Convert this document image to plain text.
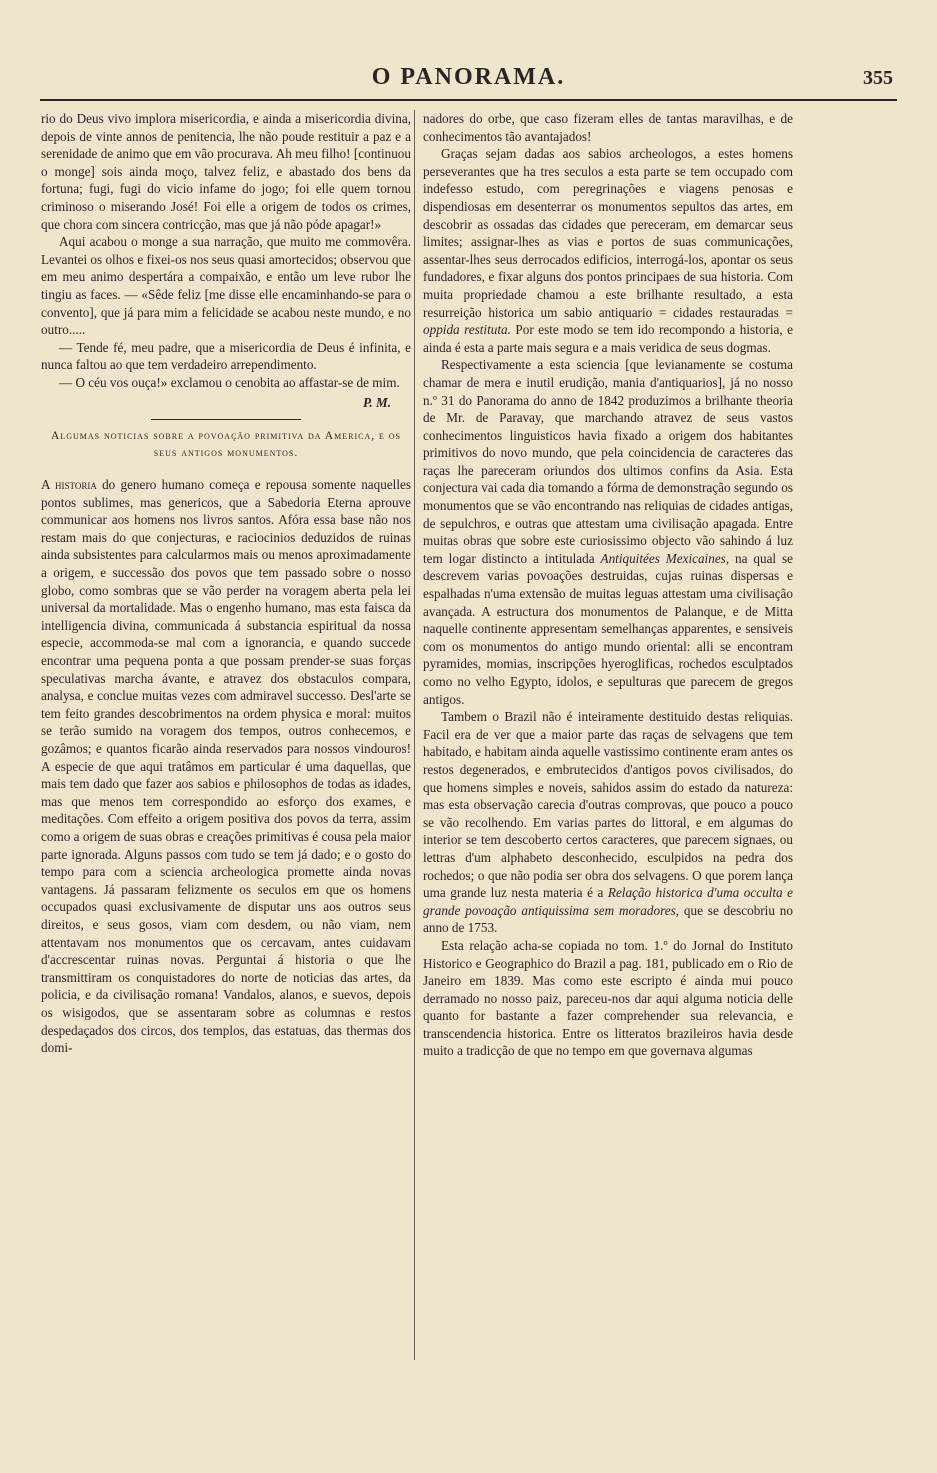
O PANORAMA.	355

rio do Deus vivo implora misericordia, e ainda a misericordia divina, depois de vinte annos de penitencia, lhe não poude restituir a paz e a serenidade de animo que em vão procurava. Ah meu filho! [continuou o monge] sois ainda moço, talvez feliz, e abastado dos bens da fortuna; fugi, fugi do vicio infame do jogo; foi elle quem tornou criminoso o miserando José! Foi elle a origem de todos os crimes, que chora com sincera contricção, mas que já não póde apagar!»

Aqui acabou o monge a sua narração, que muito me commovêra. Levantei os olhos e fixei-os nos seus quasi amortecidos; observou que em meu animo despertára a compaixão, e então um leve rubor lhe tingiu as faces. — «Sêde feliz [me disse elle encaminhando-se para o convento], que já para mim a felicidade se acabou neste mundo, e no outro.....

— Tende fé, meu padre, que a misericordia de Deus é infinita, e nunca faltou ao que tem verdadeiro arrependimento.

— O céu vos ouça!» exclamou o cenobita ao affastar-se de mim.

P. M.

Algumas noticias sobre a povoação primitiva da America, e os seus antigos monumentos.

A historia do genero humano começa e repousa somente naquelles pontos sublimes, mas genericos, que a Sabedoria Eterna aprouve communicar aos homens nos livros santos. Afóra essa base não nos restam mais do que conjecturas, e raciocinios deduzidos de ruinas ainda subsistentes para calcularmos mais ou menos aproximadamente a origem, e successão dos povos que tem passado sobre o nosso globo, como sombras que se vão perder na voragem aberta pela lei universal da mortalidade. Mas o engenho humano, mas esta faisca da intelligencia divina, communicada á substancia espiritual da nossa especie, accommoda-se mal com a ignorancia, e quando succede encontrar uma pequena ponta a que possam prender-se suas forças speculativas marcha ávante, e atravez dos obstaculos compara, analysa, e conclue muitas vezes com admiravel successo. Desl'arte se tem feito grandes descobrimentos na ordem physica e moral: muitos se terão sumido na voragem dos tempos, outros conhecemos, e gozâmos; e quantos ficarão ainda reservados para nossos vindouros! A especie de que aqui tratâmos em particular é uma daquellas, que mais tem dado que fazer aos sabios e philosophos de todas as idades, mas que menos tem correspondido ao esforço dos exames, e meditações. Com effeito a origem positiva dos povos da terra, assim como a origem de suas obras e creações primitivas é cousa pela maior parte ignorada. Alguns passos com tudo se tem já dado; e o gosto do tempo para com a sciencia archeologica promette ainda novas vantagens. Já passaram felizmente os seculos em que os homens occupados quasi exclusivamente de disputar uns aos outros seus direitos, e seus gosos, viam com desdem, ou não viam, nem attentavam nos monumentos que os cercavam, antes cuidavam d'accrescentar ruinas novas. Perguntai á historia o que lhe transmittiram os conquistadores do norte de noticias das artes, da policia, e da civilisação romana! Vandalos, alanos, e suevos, depois os wisigodos, que se assentaram sobre as columnas e restos despedaçados dos circos, dos templos, das estatuas, das thermas dos domi-

nadores do orbe, que caso fizeram elles de tantas maravilhas, e de conhecimentos tão avantajados!

Graças sejam dadas aos sabios archeologos, a estes homens perseverantes que ha tres seculos a esta parte se tem occupado com indefesso estudo, com peregrinações e viagens penosas e dispendiosas em desenterrar os monumentos sepultos das artes, em descobrir as ossadas das cidades que pereceram, em demarcar seus limites; assignar-lhes as vias e portos de suas communicações, assentar-lhes seus derrocados edificios, interrogá-los, apontar os seus fundadores, e fixar alguns dos pontos principaes de sua historia. Com muita propriedade chamou a este brilhante resultado, a esta resurreição historica um sabio antiquario = cidades restauradas = oppida restituta. Por este modo se tem ido recompondo a historia, e ainda é esta a parte mais segura e a mais veridica de seus dogmas.

Respectivamente a esta sciencia [que levianamente se costuma chamar de mera e inutil erudição, mania d'antiquarios], já no nosso n.º 31 do Panorama do anno de 1842 produzimos a brilhante theoria de Mr. de Paravay, que marchando atravez de seus vastos conhecimentos linguisticos havia fixado a origem dos habitantes primitivos do novo mundo, que pela coincidencia de caracteres das raças lhe pareceram oriundos dos ultimos confins da Asia. Esta conjectura vai cada dia tomando a fórma de demonstração segundo os monumentos que se vão encontrando nas reliquias de cidades antigas, de sepulchros, e outras que attestam uma civilisação apagada. Entre muitas obras que sobre este curiosissimo objecto vão sahindo á luz tem logar distincto a intitulada Antiquitées Mexicaines, na qual se descrevem varias povoações destruidas, cujas ruinas dispersas e espalhadas n'uma extensão de muitas leguas attestam uma civilisação avançada. A estructura dos monumentos de Palanque, e de Mitta naquelle continente appresentam semelhanças apparentes, e sensiveis com os monumentos do antigo mundo oriental: alli se encontram pyramides, momias, inscripções hyeroglificas, rochedos esculptados como no velho Egypto, idolos, e sepulturas que parecem de gregos antigos.

Tambem o Brazil não é inteiramente destituido destas reliquias. Facil era de ver que a maior parte das raças de selvagens que tem habitado, e habitam ainda aquelle vastissimo continente eram antes os restos degenerados, e embrutecidos d'antigos povos civilisados, do que homens simples e noveis, sahidos assim do estado da natureza: mas esta observação carecia d'outras comprovas, que pouco a pouco se vão recolhendo. Em varias partes do littoral, e em algumas do interior se tem descoberto certos caracteres, que parecem signaes, ou lettras d'um alphabeto desconhecido, esculpidos na pedra dos rochedos; o que não podia ser obra dos selvagens. O que porem lança uma grande luz nesta materia é a Relação historica d'uma occulta e grande povoação antiquissima sem moradores, que se descobriu no anno de 1753.

Esta relação acha-se copiada no tom. 1.º do Jornal do Instituto Historico e Geographico do Brazil a pag. 181, publicado em o Rio de Janeiro em 1839. Mas como este escripto é ainda mui pouco derramado no nosso paiz, pareceu-nos dar aqui alguma noticia delle quanto for bastante a fazer comprehender sua relevancia, e transcendencia historica. Entre os litteratos brazileiros havia desde muito a tradicção de que no tempo em que governava algumas
